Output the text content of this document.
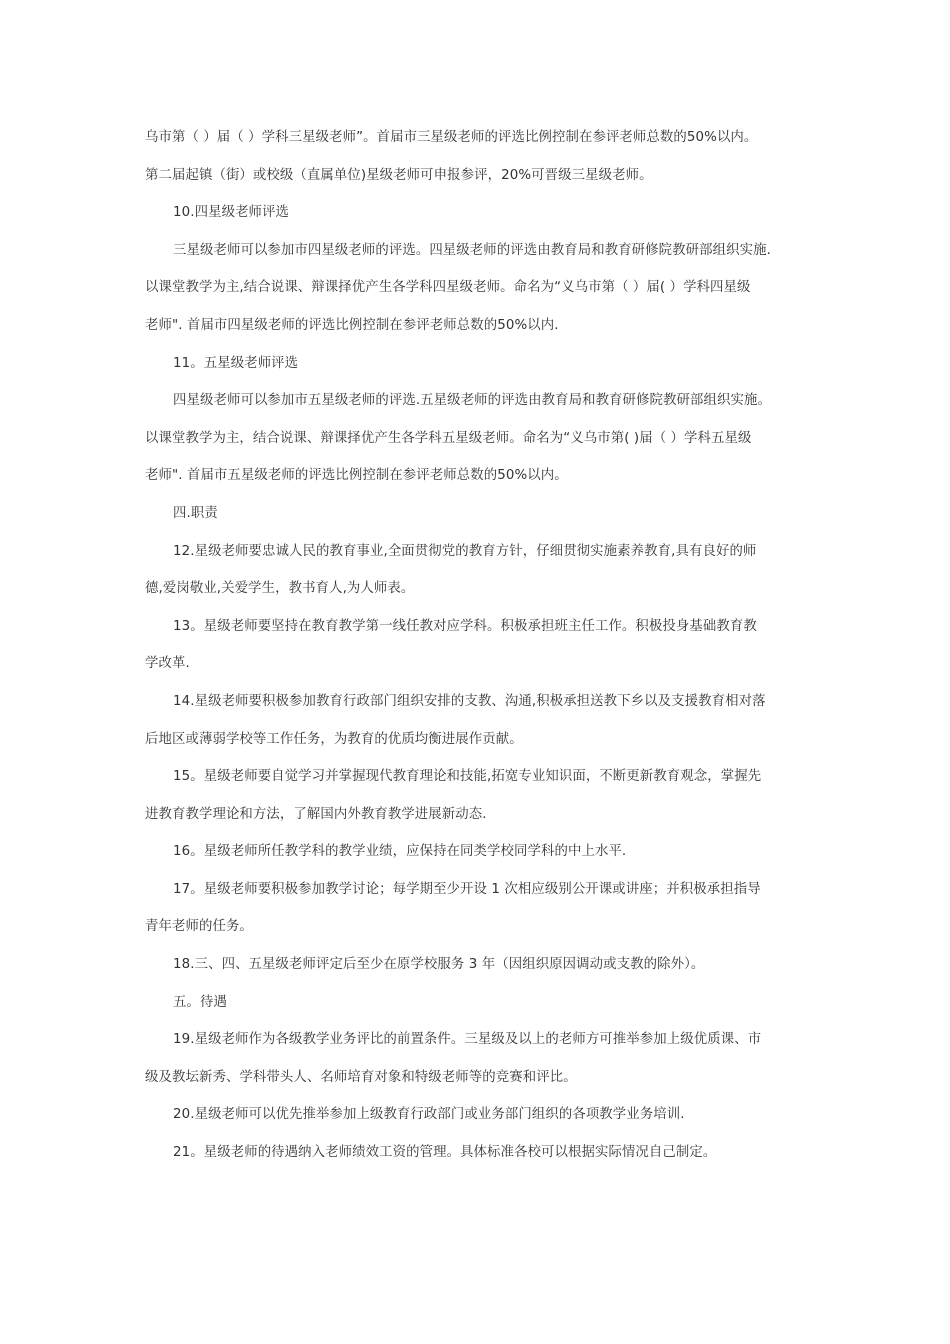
乌市第（ ）届（ ）学科三星级老师”。首届市三星级老师的评选比例控制在参评老师总数的50%以内。
第二届起镇（街）或校级（直属单位)星级老师可申报参评，20%可晋级三星级老师。
10.四星级老师评选
三星级老师可以参加市四星级老师的评选。四星级老师的评选由教育局和教育研修院教研部组织实施.
以课堂教学为主,结合说课、辩课择优产生各学科四星级老师。命名为“义乌市第（ ）届( ）学科四星级
老师". 首届市四星级老师的评选比例控制在参评老师总数的50%以内.
11。五星级老师评选
四星级老师可以参加市五星级老师的评选.五星级老师的评选由教育局和教育研修院教研部组织实施。
以课堂教学为主，结合说课、辩课择优产生各学科五星级老师。命名为“义乌市第( )届（ ）学科五星级
老师". 首届市五星级老师的评选比例控制在参评老师总数的50%以内。
四.职责
12.星级老师要忠诚人民的教育事业,全面贯彻党的教育方针，仔细贯彻实施素养教育,具有良好的师
德,爱岗敬业,关爱学生，教书育人,为人师表。
13。星级老师要坚持在教育教学第一线任教对应学科。积极承担班主任工作。积极投身基础教育教
学改革.
14.星级老师要积极参加教育行政部门组织安排的支教、沟通,积极承担送教下乡以及支援教育相对落
后地区或薄弱学校等工作任务，为教育的优质均衡进展作贡献。
15。星级老师要自觉学习并掌握现代教育理论和技能,拓宽专业知识面，不断更新教育观念，掌握先
进教育教学理论和方法，了解国内外教育教学进展新动态.
16。星级老师所任教学科的教学业绩，应保持在同类学校同学科的中上水平.
17。星级老师要积极参加教学讨论；每学期至少开设 1 次相应级别公开课或讲座；并积极承担指导
青年老师的任务。
18.三、四、五星级老师评定后至少在原学校服务 3 年（因组织原因调动或支教的除外）。
五。待遇
19.星级老师作为各级教学业务评比的前置条件。三星级及以上的老师方可推举参加上级优质课、市
级及教坛新秀、学科带头人、名师培育对象和特级老师等的竞赛和评比。
20.星级老师可以优先推举参加上级教育行政部门或业务部门组织的各项教学业务培训.
21。星级老师的待遇纳入老师绩效工资的管理。具体标准各校可以根据实际情况自己制定。
